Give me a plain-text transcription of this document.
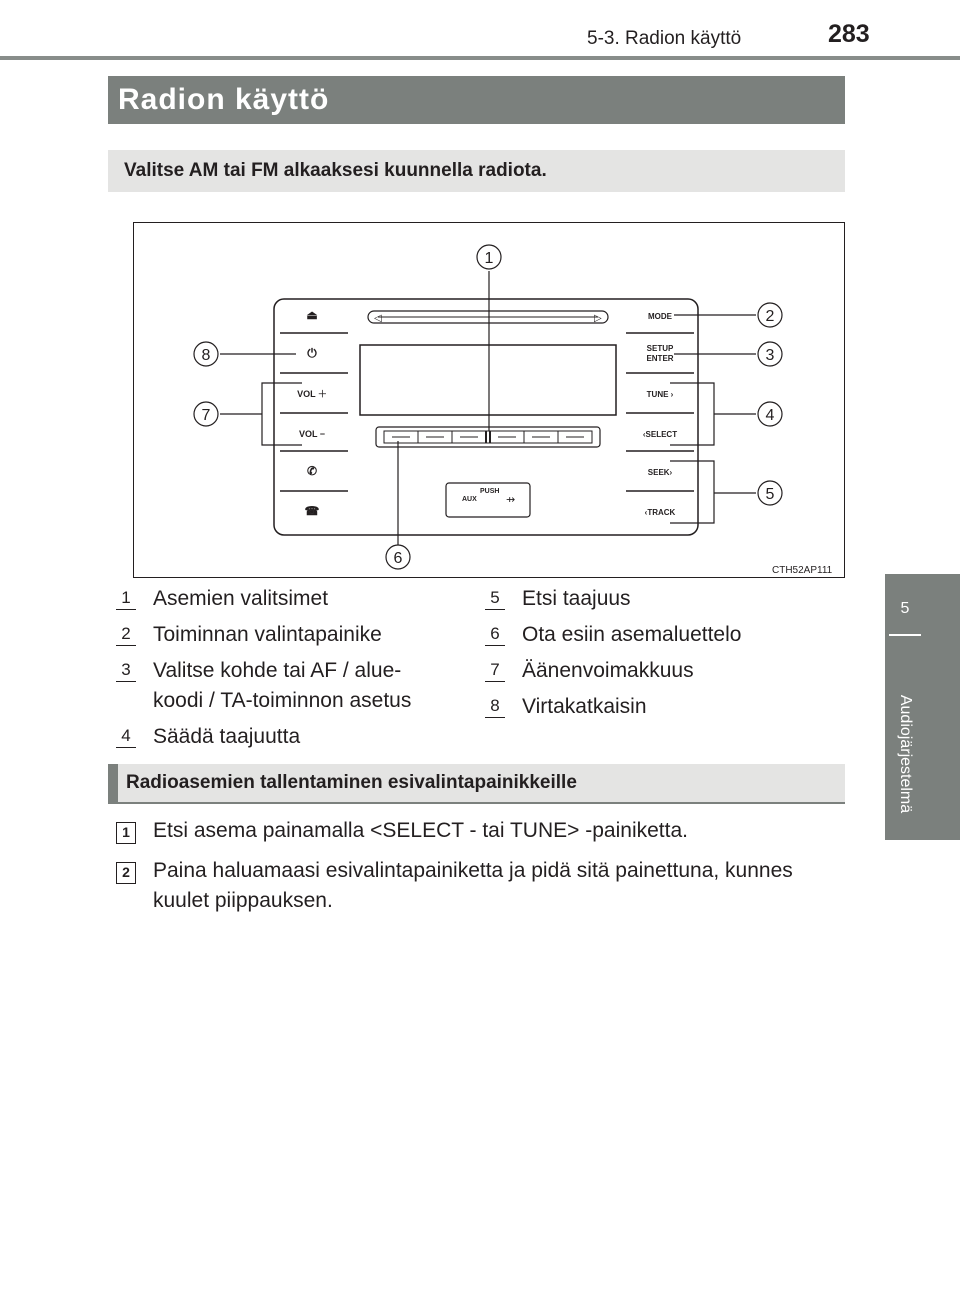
283
5-3. Radion käyttö
5
Audiojärjestelmä
Radion käyttö
Valitse AM tai FM alkaaksesi kuunnella radiota.
◁	▷
PUSH
AUX	⇸
⏏
⏻
VOL ＋
VOL −
✆
☎
MODE
SETUP
ENTER
TUNE ›
‹SELECT
SEEK›
‹TRACK
1
2
3
4
5
6
7
8
CTH52AP111
1 Asemien valitsimet
2 Toiminnan valintapainike
3 Valitse kohde tai AF / alue-
koodi / TA-toiminnon asetus
4 Säädä taajuutta
5 Etsi taajuus
6 Ota esiin asemaluettelo
7 Äänenvoimakkuus
8 Virtakatkaisin
Radioasemien tallentaminen esivalintapainikkeille
1 Etsi asema painamalla <SELECT - tai TUNE> -painiketta.
2 Paina haluamaasi esivalintapainiketta ja pidä sitä painettuna, kunnes
kuulet piippauksen.
